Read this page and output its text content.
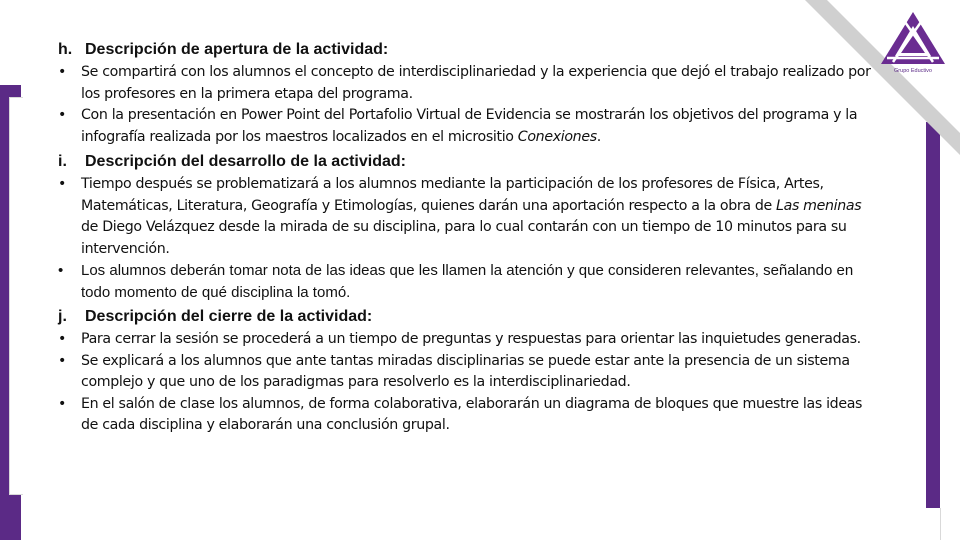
Grupo Eductivo
h. Descripción de apertura de la actividad:
• Se compartirá con los alumnos el concepto de interdisciplinariedad y la experiencia que dejó el trabajo realizado por los profesores en la primera etapa del programa.
• Con la presentación en Power Point del Portafolio Virtual de Evidencia se mostrarán los objetivos del programa y la infografía realizada por los maestros localizados en el micrositio Conexiones.
i.	Descripción del desarrollo de la actividad:
• Tiempo después se problematizará a los alumnos mediante la participación de los profesores de Física, Artes, Matemáticas, Literatura, Geografía y Etimologías, quienes darán una aportación respecto a la obra de Las meninas de Diego Velázquez desde la mirada de su disciplina, para lo cual contarán con un tiempo de 10 minutos para su intervención.
• Los alumnos deberán tomar nota de las ideas que les llamen la atención y que consideren relevantes, señalando en todo momento de qué disciplina la tomó.
j.	Descripción del cierre de la actividad:
• Para cerrar la sesión se procederá a un tiempo de preguntas y respuestas para orientar las inquietudes generadas.
• Se explicará a los alumnos que ante tantas miradas disciplinarias se puede estar ante la presencia de un sistema complejo y que uno de los paradigmas para resolverlo es la interdisciplinariedad.
• En el salón de clase los alumnos, de forma colaborativa, elaborarán un diagrama de bloques que muestre las ideas de cada disciplina y elaborarán una conclusión grupal.
